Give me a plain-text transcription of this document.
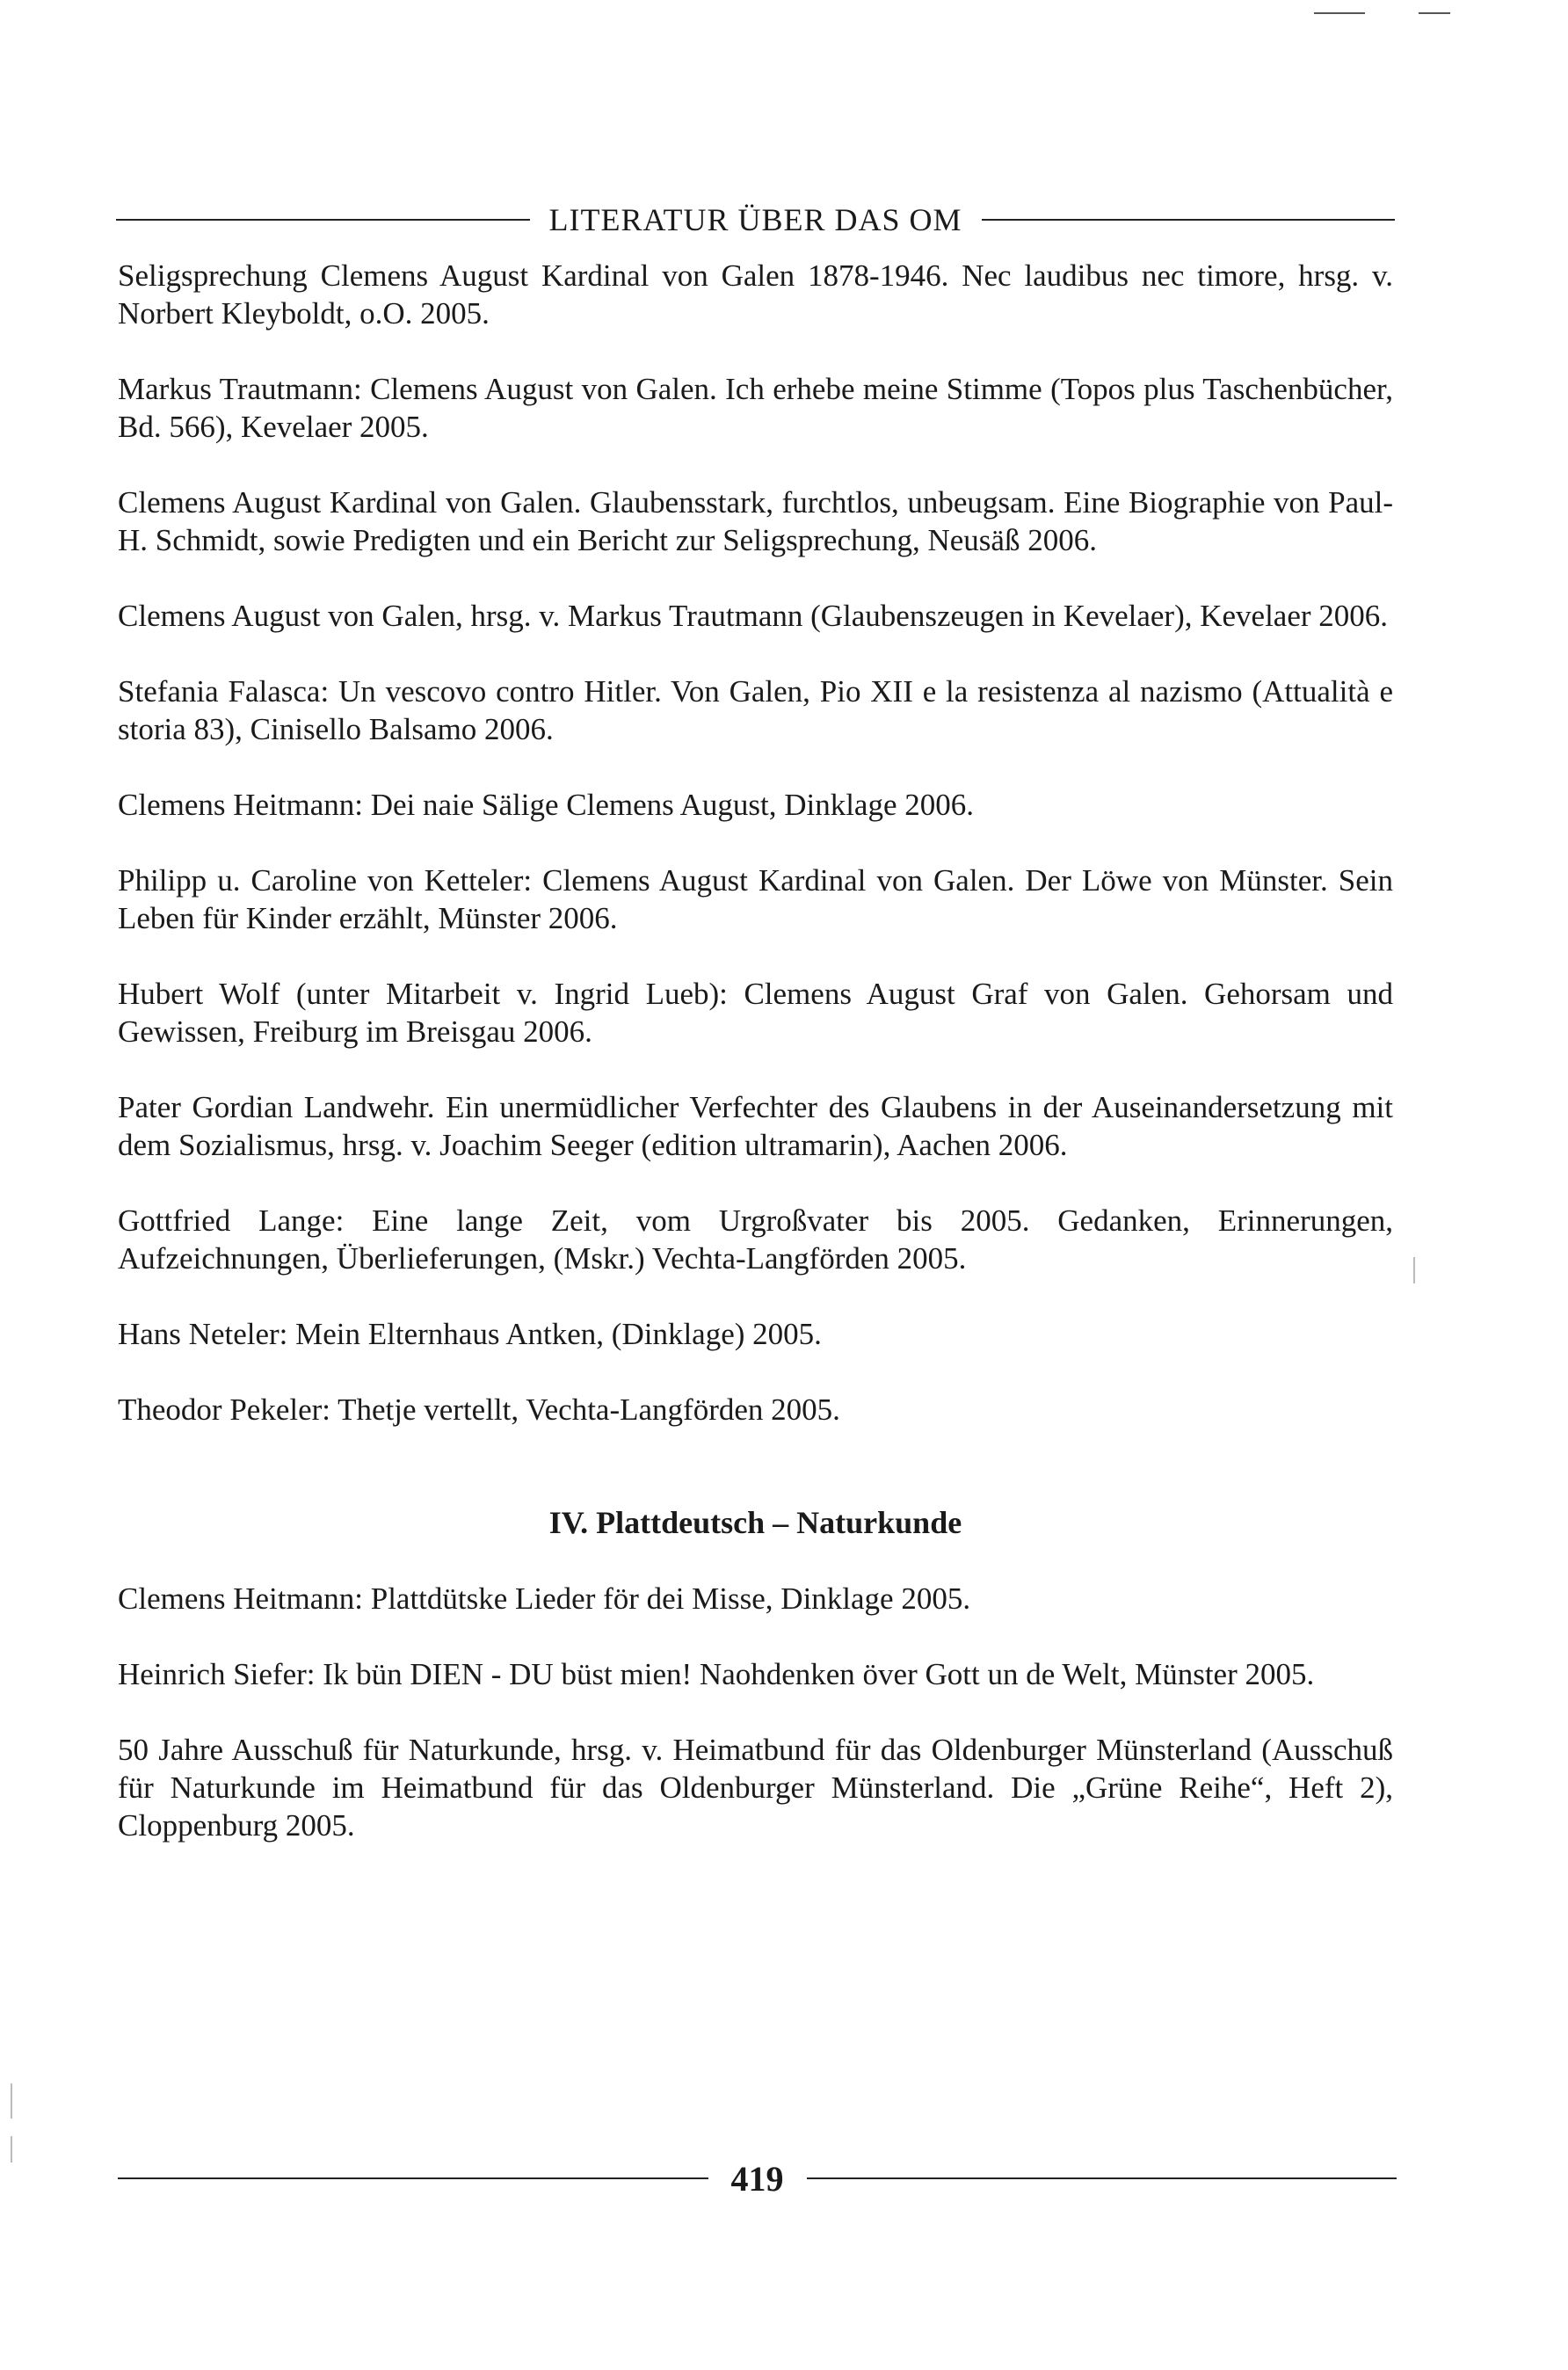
LITERATUR ÜBER DAS OM

Seligsprechung Clemens August Kardinal von Galen 1878-1946. Nec laudibus nec timore, hrsg. v. Norbert Kleyboldt, o.O. 2005.

Markus Trautmann: Clemens August von Galen. Ich erhebe meine Stimme (Topos plus Taschenbücher, Bd. 566), Kevelaer 2005.

Clemens August Kardinal von Galen. Glaubensstark, furchtlos, unbeugsam. Eine Biographie von Paul-H. Schmidt, sowie Predigten und ein Bericht zur Seligsprechung, Neusäß 2006.

Clemens August von Galen, hrsg. v. Markus Trautmann (Glaubenszeugen in Kevelaer), Kevelaer 2006.

Stefania Falasca: Un vescovo contro Hitler. Von Galen, Pio XII e la resistenza al nazismo (Attualità e storia 83), Cinisello Balsamo 2006.

Clemens Heitmann: Dei naie Sälige Clemens August, Dinklage 2006.

Philipp u. Caroline von Ketteler: Clemens August Kardinal von Galen. Der Löwe von Münster. Sein Leben für Kinder erzählt, Münster 2006.

Hubert Wolf (unter Mitarbeit v. Ingrid Lueb): Clemens August Graf von Galen. Gehorsam und Gewissen, Freiburg im Breisgau 2006.

Pater Gordian Landwehr. Ein unermüdlicher Verfechter des Glaubens in der Auseinandersetzung mit dem Sozialismus, hrsg. v. Joachim Seeger (edition ultramarin), Aachen 2006.

Gottfried Lange: Eine lange Zeit, vom Urgroßvater bis 2005. Gedanken, Erinnerungen, Aufzeichnungen, Überlieferungen, (Mskr.) Vechta-Langförden 2005.

Hans Neteler: Mein Elternhaus Antken, (Dinklage) 2005.

Theodor Pekeler: Thetje vertellt, Vechta-Langförden 2005.

IV. Plattdeutsch – Naturkunde

Clemens Heitmann: Plattdütske Lieder för dei Misse, Dinklage 2005.

Heinrich Siefer: Ik bün DIEN - DU büst mien! Naohdenken över Gott un de Welt, Münster 2005.

50 Jahre Ausschuß für Naturkunde, hrsg. v. Heimatbund für das Oldenburger Münsterland (Ausschuß für Naturkunde im Heimatbund für das Oldenburger Münsterland. Die „Grüne Reihe“, Heft 2), Cloppenburg 2005.

419
